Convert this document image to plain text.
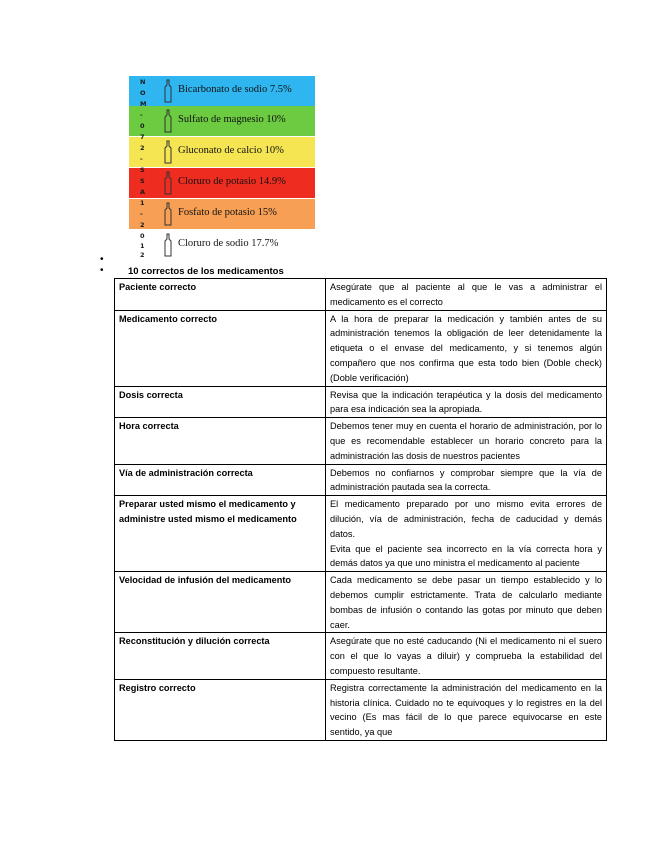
Bicarbonato de sodio 7.5%
Sulfato de magnesio 10%
Gluconato de calcio 10%
Cloruro de potasio 14.9%
Fosfato de potasio 15%
Cloruro de sodio 17.7%
N
O
M
-
0
7
2
-
S
S
A
1
-
2
0
1
2
•
•	10 correctos de los medicamentos
Paciente correcto	Asegúrate que al paciente al que le vas a administrar el medicamento es el correcto

Medicamento correcto	A la hora de preparar la medicación y también antes de su administración tenemos la obligación de leer detenidamente la etiqueta o el envase del medicamento, y si tenemos algún compañero que nos confirma que esta todo bien (Doble check) (Doble verificación)

Dosis correcta	Revisa que la indicación terapéutica y la dosis del medicamento para esa indicación sea la apropiada.

Hora correcta	Debemos tener muy en cuenta el horario de administración, por lo que es recomendable establecer un horario concreto para la administración las dosis de nuestros pacientes

Vía de administración correcta	Debemos no confiarnos y comprobar siempre que la vía de administración pautada sea la correcta.

Preparar usted mismo el medicamento y administre usted mismo el medicamento	El medicamento preparado por uno mismo evita errores de dilución, vía de administración, fecha de caducidad y demás datos.
Evita que el paciente sea incorrecto en la vía correcta hora y demás datos ya que uno ministra el medicamento al paciente

Velocidad de infusión del medicamento	Cada medicamento se debe pasar un tiempo establecido y lo debemos cumplir estrictamente. Trata de calcularlo mediante bombas de infusión o contando las gotas por minuto que deben caer.

Reconstitución y dilución correcta	Asegúrate que no esté caducando (Ni el medicamento ni el suero con el que lo vayas a diluir) y comprueba la estabilidad del compuesto resultante.

Registro correcto	Registra correctamente la administración del medicamento en la historia clínica. Cuidado no te equivoques y lo registres en la del vecino (Es mas fácil de lo que parece equivocarse en este sentido, ya que
